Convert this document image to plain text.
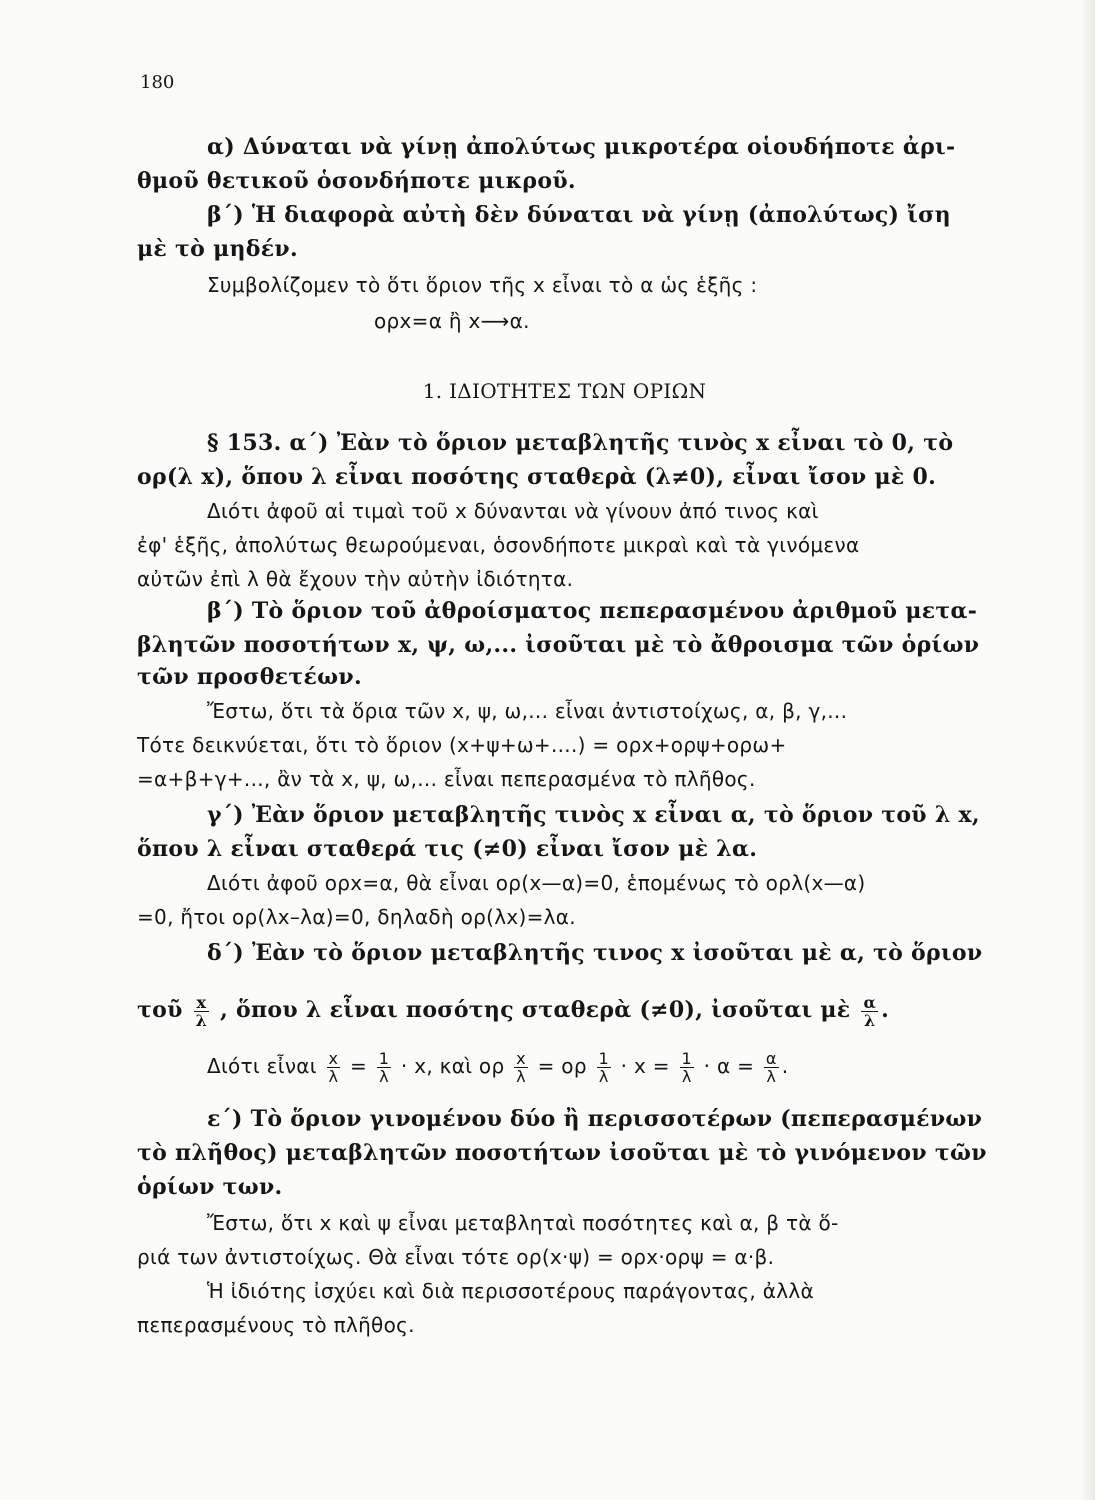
180
α) Δύναται νὰ γίνῃ ἀπολύτως μικροτέρα οἱουδήποτε ἀρι-
θμοῦ θετικοῦ ὁσονδήποτε μικροῦ.
β΄) Ἡ διαφορὰ αὐτὴ δὲν δύναται νὰ γίνῃ (ἀπολύτως) ἴση
μὲ τὸ μηδέν.
Συμβολίζομεν τὸ ὅτι ὅριον τῆς x εἶναι τὸ α ὡς ἑξῆς :
ορx=α ἢ x⟶α.
1. ΙΔΙΟΤΗΤΕΣ ΤΩΝ ΟΡΙΩΝ
§ 153. α΄) Ἐὰν τὸ ὅριον μεταβλητῆς τινὸς x εἶναι τὸ 0, τὸ
ορ(λ x), ὅπου λ εἶναι ποσότης σταθερὰ (λ≠0), εἶναι ἴσον μὲ 0.
Διότι ἀφοῦ αἱ τιμαὶ τοῦ x δύνανται νὰ γίνουν ἀπό τινος καὶ
ἐφ' ἑξῆς, ἀπολύτως θεωρούμεναι, ὁσονδήποτε μικραὶ καὶ τὰ γινόμενα
αὐτῶν ἐπὶ λ θὰ ἔχουν τὴν αὐτὴν ἰδιότητα.
β΄) Τὸ ὅριον τοῦ ἀθροίσματος πεπερασμένου ἀριθμοῦ μετα-
βλητῶν ποσοτήτων x, ψ, ω,... ἰσοῦται μὲ τὸ ἄθροισμα τῶν ὁρίων
τῶν προσθετέων.
Ἔστω, ὅτι τὰ ὅρια τῶν x, ψ, ω,... εἶναι ἀντιστοίχως, α, β, γ,...
Τότε δεικνύεται, ὅτι τὸ ὅριον (x+ψ+ω+....) = ορx+ορψ+ορω+
=α+β+γ+..., ἂν τὰ x, ψ, ω,... εἶναι πεπερασμένα τὸ πλῆθος.
γ΄) Ἐὰν ὅριον μεταβλητῆς τινὸς x εἶναι α, τὸ ὅριον τοῦ λ x,
ὅπου λ εἶναι σταθερά τις (≠0) εἶναι ἴσον μὲ λα.
Διότι ἀφοῦ ορx=α, θὰ εἶναι ορ(x—α)=0, ἑπομένως τὸ ορλ(x—α)
=0, ἤτοι ορ(λx–λα)=0, δηλαδὴ ορ(λx)=λα.
δ΄) Ἐὰν τὸ ὅριον μεταβλητῆς τινος x ἰσοῦται μὲ α, τὸ ὅριον
τοῦ $\frac{x}{\lambda}$ , ὅπου λ εἶναι ποσότης σταθερὰ (≠0), ἰσοῦται μὲ $\frac{\alpha}{\lambda}$ .
Διότι εἶναι $\frac{x}{\lambda} = \frac{1}{\lambda} \cdot x$, καὶ ορ $\frac{x}{\lambda} = o\rho \frac{1}{\lambda} \cdot x = \frac{1}{\lambda} \cdot \alpha = \frac{\alpha}{\lambda}$ .
ε΄) Τὸ ὅριον γινομένου δύο ἢ περισσοτέρων (πεπερασμένων
τὸ πλῆθος) μεταβλητῶν ποσοτήτων ἰσοῦται μὲ τὸ γινόμενον τῶν
ὁρίων των.
Ἔστω, ὅτι x καὶ ψ εἶναι μεταβληταὶ ποσότητες καὶ α, β τὰ ὅ-
ριά των ἀντιστοίχως. Θὰ εἶναι τότε ορ(x·ψ) = ορx·ορψ = α·β.
Ἡ ἰδιότης ἰσχύει καὶ διὰ περισσοτέρους παράγοντας, ἀλλὰ
πεπερασμένους τὸ πλῆθος.
